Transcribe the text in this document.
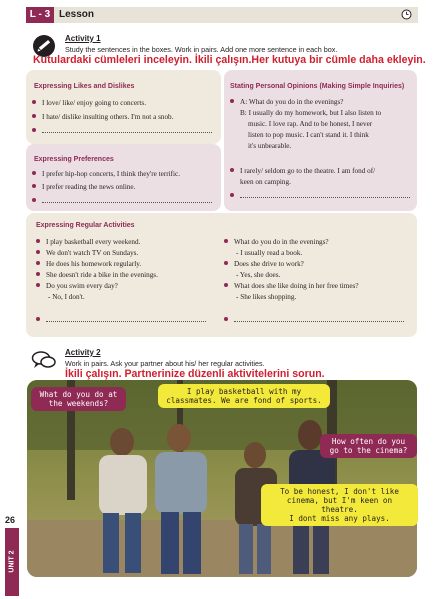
L - 3 Lesson
Activity 1
Study the sentences in the boxes. Work in pairs. Add one more sentence in each box.
Kutulardaki cümleleri inceleyin. İkili çalışın.Her kutuya bir cümle daha ekleyin.
Expressing Likes and Dislikes
I love/ like/ enjoy going to concerts.
I hate/ dislike insulting others. I'm not a snob.
Expressing Preferences
I prefer hip-hop concerts, I think they're terrific.
I prefer reading the news online.
Stating Personal Opinions (Making Simple Inquiries)
A: What do you do in the evenings?
B: I usually do my homework, but I also listen to
music. I love rap. And to be honest, I never
listen to pop music. I can't stand it. I think
it's unbearable.
I rarely/ seldom go to the theatre. I am fond of/
keen on camping.
Expressing Regular Activities
I play basketball every weekend.
We don't watch TV on Sundays.
He does his homework regularly.
She doesn't ride a bike in the evenings.
Do you swim every day?
- No, I don't.
What do you do in the evenings?
- I usually read a book.
Does she drive to work?
- Yes, she does.
What does she like doing in her free times?
- She likes shopping.
Activity 2
Work in pairs. Ask your partner about his/ her regular activities.
İkili çalışın. Partnerinize düzenli aktivitelerini sorun.
What do you do at the weekends?
I play basketball with my
classmates. We are fond of sports.
How often do you
go to the cinema?
To be honest, I don't like
cinema, but I'm keen on theatre.
I dont miss any plays.
26
UNIT 2
